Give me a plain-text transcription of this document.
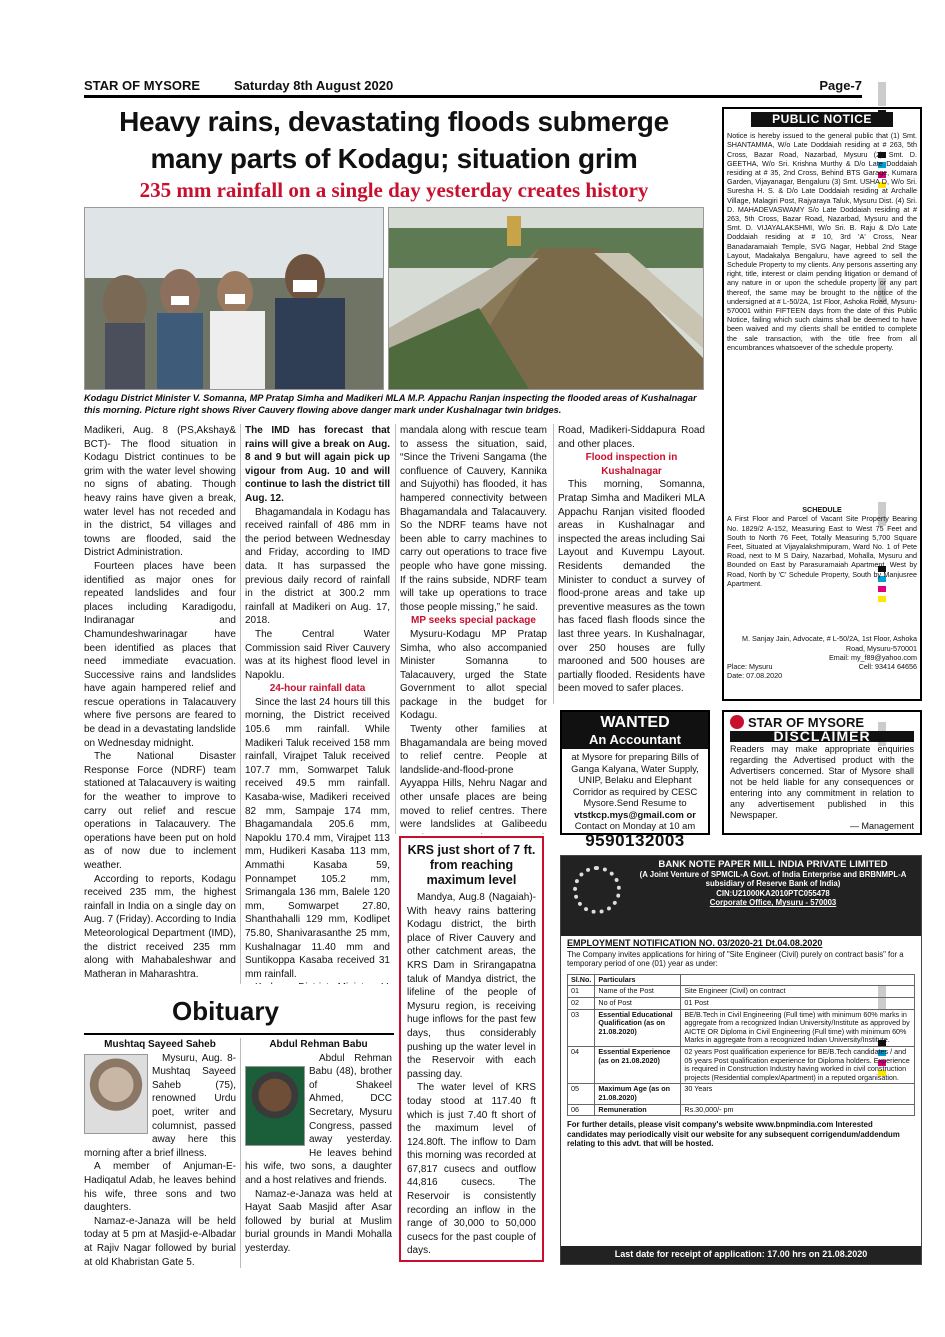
STAR OF MYSORE	Saturday 8th August 2020	Page-7
Heavy rains, devastating floods submerge
many parts of Kodagu; situation grim
235 mm rainfall on a single day yesterday creates history
Kodagu District Minister V. Somanna, MP Pratap Simha and Madikeri MLA M.P. Appachu Ranjan inspecting the flooded areas of Kushalnagar this morning. Picture right shows River Cauvery flowing above danger mark under Kushalnagar twin bridges.

Madikeri, Aug. 8 (PS,Akshay& BCT)- The flood situation in Kodagu District continues to be grim with the water level showing no signs of abating. Though heavy rains have given a break, water level has not receded and in the district, 54 villages and towns are flooded, said the District Administration.

Fourteen places have been identified as major ones for repeated landslides and four places including Karadigodu, Indiranagar and Chamundeshwarinagar have been identified as places that need immediate evacuation. Successive rains and landslides have again hampered relief and rescue operations in Talacauvery where five persons are feared to be dead in a devastating landslide on Wednesday midnight.

The National Disaster Response Force (NDRF) team stationed at Talacauvery is waiting for the weather to improve to carry out relief and rescue operations in Talacauvery. The operations have been put on hold as of now due to inclement weather.

According to reports, Kodagu received 235 mm, the highest rainfall in India on a single day on Aug. 7 (Friday). According to India Meteorological Department (IMD), the district received 235 mm along with Mahabaleshwar and Matheran in Maharashtra.

The IMD has forecast that rains will give a break on Aug. 8 and 9 but will again pick up vigour from Aug. 10 and will continue to lash the district till Aug. 12.

Bhagamandala in Kodagu has received rainfall of 486 mm in the period between Wednesday and Friday, according to IMD data. It has surpassed the previous daily record of rainfall in the district at 300.2 mm rainfall at Madikeri on Aug. 17, 2018.

The Central Water Commission said River Cauvery was at its highest flood level in Napoklu.

24-hour rainfall data

Since the last 24 hours till this morning, the District received 105.6 mm rainfall. While Madikeri Taluk received 158 mm rainfall, Virajpet Taluk received 107.7 mm, Somwarpet Taluk received 49.5 mm rainfall. Kasaba-wise, Madikeri received 82 mm, Sampaje 174 mm, Bhagamandala 205.6 mm, Napoklu 170.4 mm, Virajpet 113 mm, Hudikeri Kasaba 113 mm, Ammathi Kasaba 59, Ponnampet 105.2 mm, Srimangala 136 mm, Balele 120 mm, Somwarpet 27.80, Shanthahalli 129 mm, Kodlipet 75.80, Shanivarasanthe 25 mm, Kushalnagar 11.40 mm and Suntikoppa Kasaba received 31 mm rainfall.

mandala along with rescue team to assess the situation, said, “Since the Triveni Sangama (the confluence of Cauvery, Kannika and Sujyothi) has flooded, it has hampered connectivity between Bhagamandala and Talacauvery. So the NDRF teams have not been able to carry machines to carry out operations to trace five people who have gone missing. If the rains subside, NDRF team will take up operations to trace those people missing,” he said.

MP seeks special package

Mysuru-Kodagu MP Pratap Simha, who also accompanied Minister Somanna to Talacauvery, urged the State Government to allot special package in the budget for Kodagu.

Twenty other families at Bhagamandala are being moved to relief centre. People at landslide-and-flood-prone Ayyappa Hills, Nehru Nagar and other unsafe places are being moved to relief centres. There were landslides at Galibeedu

Road, Madikeri-Siddapura Road and other places.

Flood inspection in Kushalnagar

This morning, Somanna, Pratap Simha and Madikeri MLA Appachu Ranjan visited flooded areas in Kushalnagar and inspected the areas including Sai Layout and Kuvempu Layout. Residents demanded the Minister to conduct a survey of flood-prone areas and take up preventive measures as the town has faced flash floods since the last three years. In Kushalnagar, over 250 houses are fully marooned and 500 houses are partially flooded. Residents have been moved to safer places.

PUBLIC NOTICE
Notice is hereby issued to the general public that (1) Smt. SHANTAMMA, W/o Late Doddaiah residing at # 263, 5th Cross, Bazar Road, Nazarbad, Mysuru (2) Smt. D. GEETHA, W/o Sri. Krishna Murthy & D/o Late Doddaiah residing at # 35, 2nd Cross, Behind BTS Garage, Kumara Garden, Vijayanagar, Bengaluru (3) Smt. USHA D, W/o Sri. Suresha H. S. & D/o Late Doddaiah residing at Archalle Village, Malagiri Post, Rajyaraya Taluk, Mysuru Dist. (4) Sri. D. MAHADEVASWAMY S/o Late Doddaiah residing at # 263, 5th Cross, Bazar Road, Nazarbad, Mysuru and the Smt. D. VIJAYALAKSHMI, W/o Sri. B. Raju & D/o Late Doddaiah residing at # 10, 3rd 'A' Cross, Near Banadaramaiah Temple, SVG Nagar, Hebbal 2nd Stage Layout, Madakalya Bengaluru, have agreed to sell the Schedule Property to my clients. Any persons asserting any right, title, interest or claim pending litigation or demand of any nature in or upon the schedule property or any part thereof, the same may be brought to the notice of the undersigned at # L-50/2A, 1st Floor, Ashoka Road, Mysuru-570001 within FIFTEEN days from the date of this Public Notice, failing which such claims shall be deemed to have been waived and my clients shall be entitled to complete the sale transaction, with the title free from all encumbrances whatsoever of the schedule property.
SCHEDULE
A First Floor and Parcel of Vacant Site Property Bearing No. 1829/2 A-152, Measuring East to West 75 Feet and South to North 76 Feet, Totally Measuring 5,700 Square Feet, Situated at Vijayalakshmipuram, Ward No. 1 of Pete Road, next to M S Dairy, Nazarbad, Mohalla, Mysuru and Bounded on East by Parasuramaiah Apartment, West by Road, North by 'C' Schedule Property, South by Manjusree Apartment.
M. Sanjay Jain, Advocate, # L-50/2A, 1st Floor, Ashoka Road, Mysuru-570001
Email: my_f89@yahoo.com
Place: Mysuru	Cell: 93414 64656
Date: 07.08.2020
WANTED
An Accountant
at Mysore for preparing Bills of Ganga Kalyana, Water Supply, UNIP, Belaku and Elephant Corridor as required by CESC Mysore.Send Resume to
vtstkcp.mys@gmail.com or
Contact on Monday at 10 am
9590132003
STAR OF MYSORE
DISCLAIMER
Readers may make appropriate enquiries regarding the Advertised product with the Advertisers concerned. Star of Mysore shall not be held liable for any consequences or entering into any commitment in relation to any advertisement published in this Newspaper.
— Management
KRS just short of 7 ft. from reaching maximum level

Mandya, Aug.8 (Nagaiah)- With heavy rains battering Kodagu district, the birth place of River Cauvery and other catchment areas, the KRS Dam in Srirangapatna taluk of Mandya district, the lifeline of the people of Mysuru region, is receiving huge inflows for the past few days, thus considerably pushing up the water level in the Reservoir with each passing day.

The water level of KRS today stood at 117.40 ft which is just 7.40 ft short of the maximum level of 124.80ft. The inflow to Dam this morning was recorded at 67,817 cusecs and outflow 44,816 cusecs. The Reservoir is consistently recording an inflow in the range of 30,000 to 50,000 cusecs for the past couple of days.

Obituary
Mushtaq Sayeed Saheb

Mysuru, Aug. 8- Mushtaq Sayeed Saheb (75), renowned Urdu poet, writer and columnist, passed away here this morning after a brief illness.

A member of Anjuman-E-Hadiqatul Adab, he leaves behind his wife, three sons and two daughters.

Namaz-e-Janaza will be held today at 5 pm at Masjid-e-Albadar at Rajiv Nagar followed by burial at old Khabristan Gate 5.

Abdul Rehman Babu

Abdul Rehman Babu (48), brother of Shakeel Ahmed, DCC Secretary, Mysuru Congress, passed away yesterday. He leaves behind his wife, two sons, a daughter and a host relatives and friends.

Namaz-e-Janaza was held at Hayat Saab Masjid after Asar followed by burial at Muslim burial grounds in Mandi Mohalla yesterday.

BANK NOTE PAPER MILL INDIA PRIVATE LIMITED
(A Joint Venture of SPMCIL-A Govt. of India Enterprise and BRBNMPL-A subsidiary of Reserve Bank of India)
CIN:U21000KA2010PTC055478
Corporate Office, Mysuru - 570003
EMPLOYMENT NOTIFICATION NO. 03/2020-21 Dt.04.08.2020
The Company invites applications for hiring of "Site Engineer (Civil) purely on contract basis" for a temporary period of one (01) year as under:
Sl.No.	Particulars	
01	Name of the Post	Site Engineer (Civil) on contract
02	No of Post	01 Post
03	Essential Educational Qualification (as on 21.08.2020)	BE/B.Tech in Civil Engineering (Full time) with minimum 60% marks in aggregate from a recognized Indian University/Institute as approved by AICTE OR Diploma in Civil Engineering (Full time) with minimum 60% Marks in aggregate from a recognized Indian University/Institute.
04	Essential Experience (as on 21.08.2020)	02 years Post qualification experience for BE/B.Tech candidates / and 05 years Post qualification experience for Diploma holders. Experience is required in Construction Industry having worked in civil construction projects (Residential complex/Apartment) in a reputed organisation.
05	Maximum Age (as on 21.08.2020)	30 Years
06	Remuneration	Rs.30,000/- pm
For further details, please visit company's website www.bnpmindia.com Interested candidates may periodically visit our website for any subsequent corrigendum/addendum relating to this advt. that will be hosted.
Last date for receipt of application: 17.00 hrs on 21.08.2020
